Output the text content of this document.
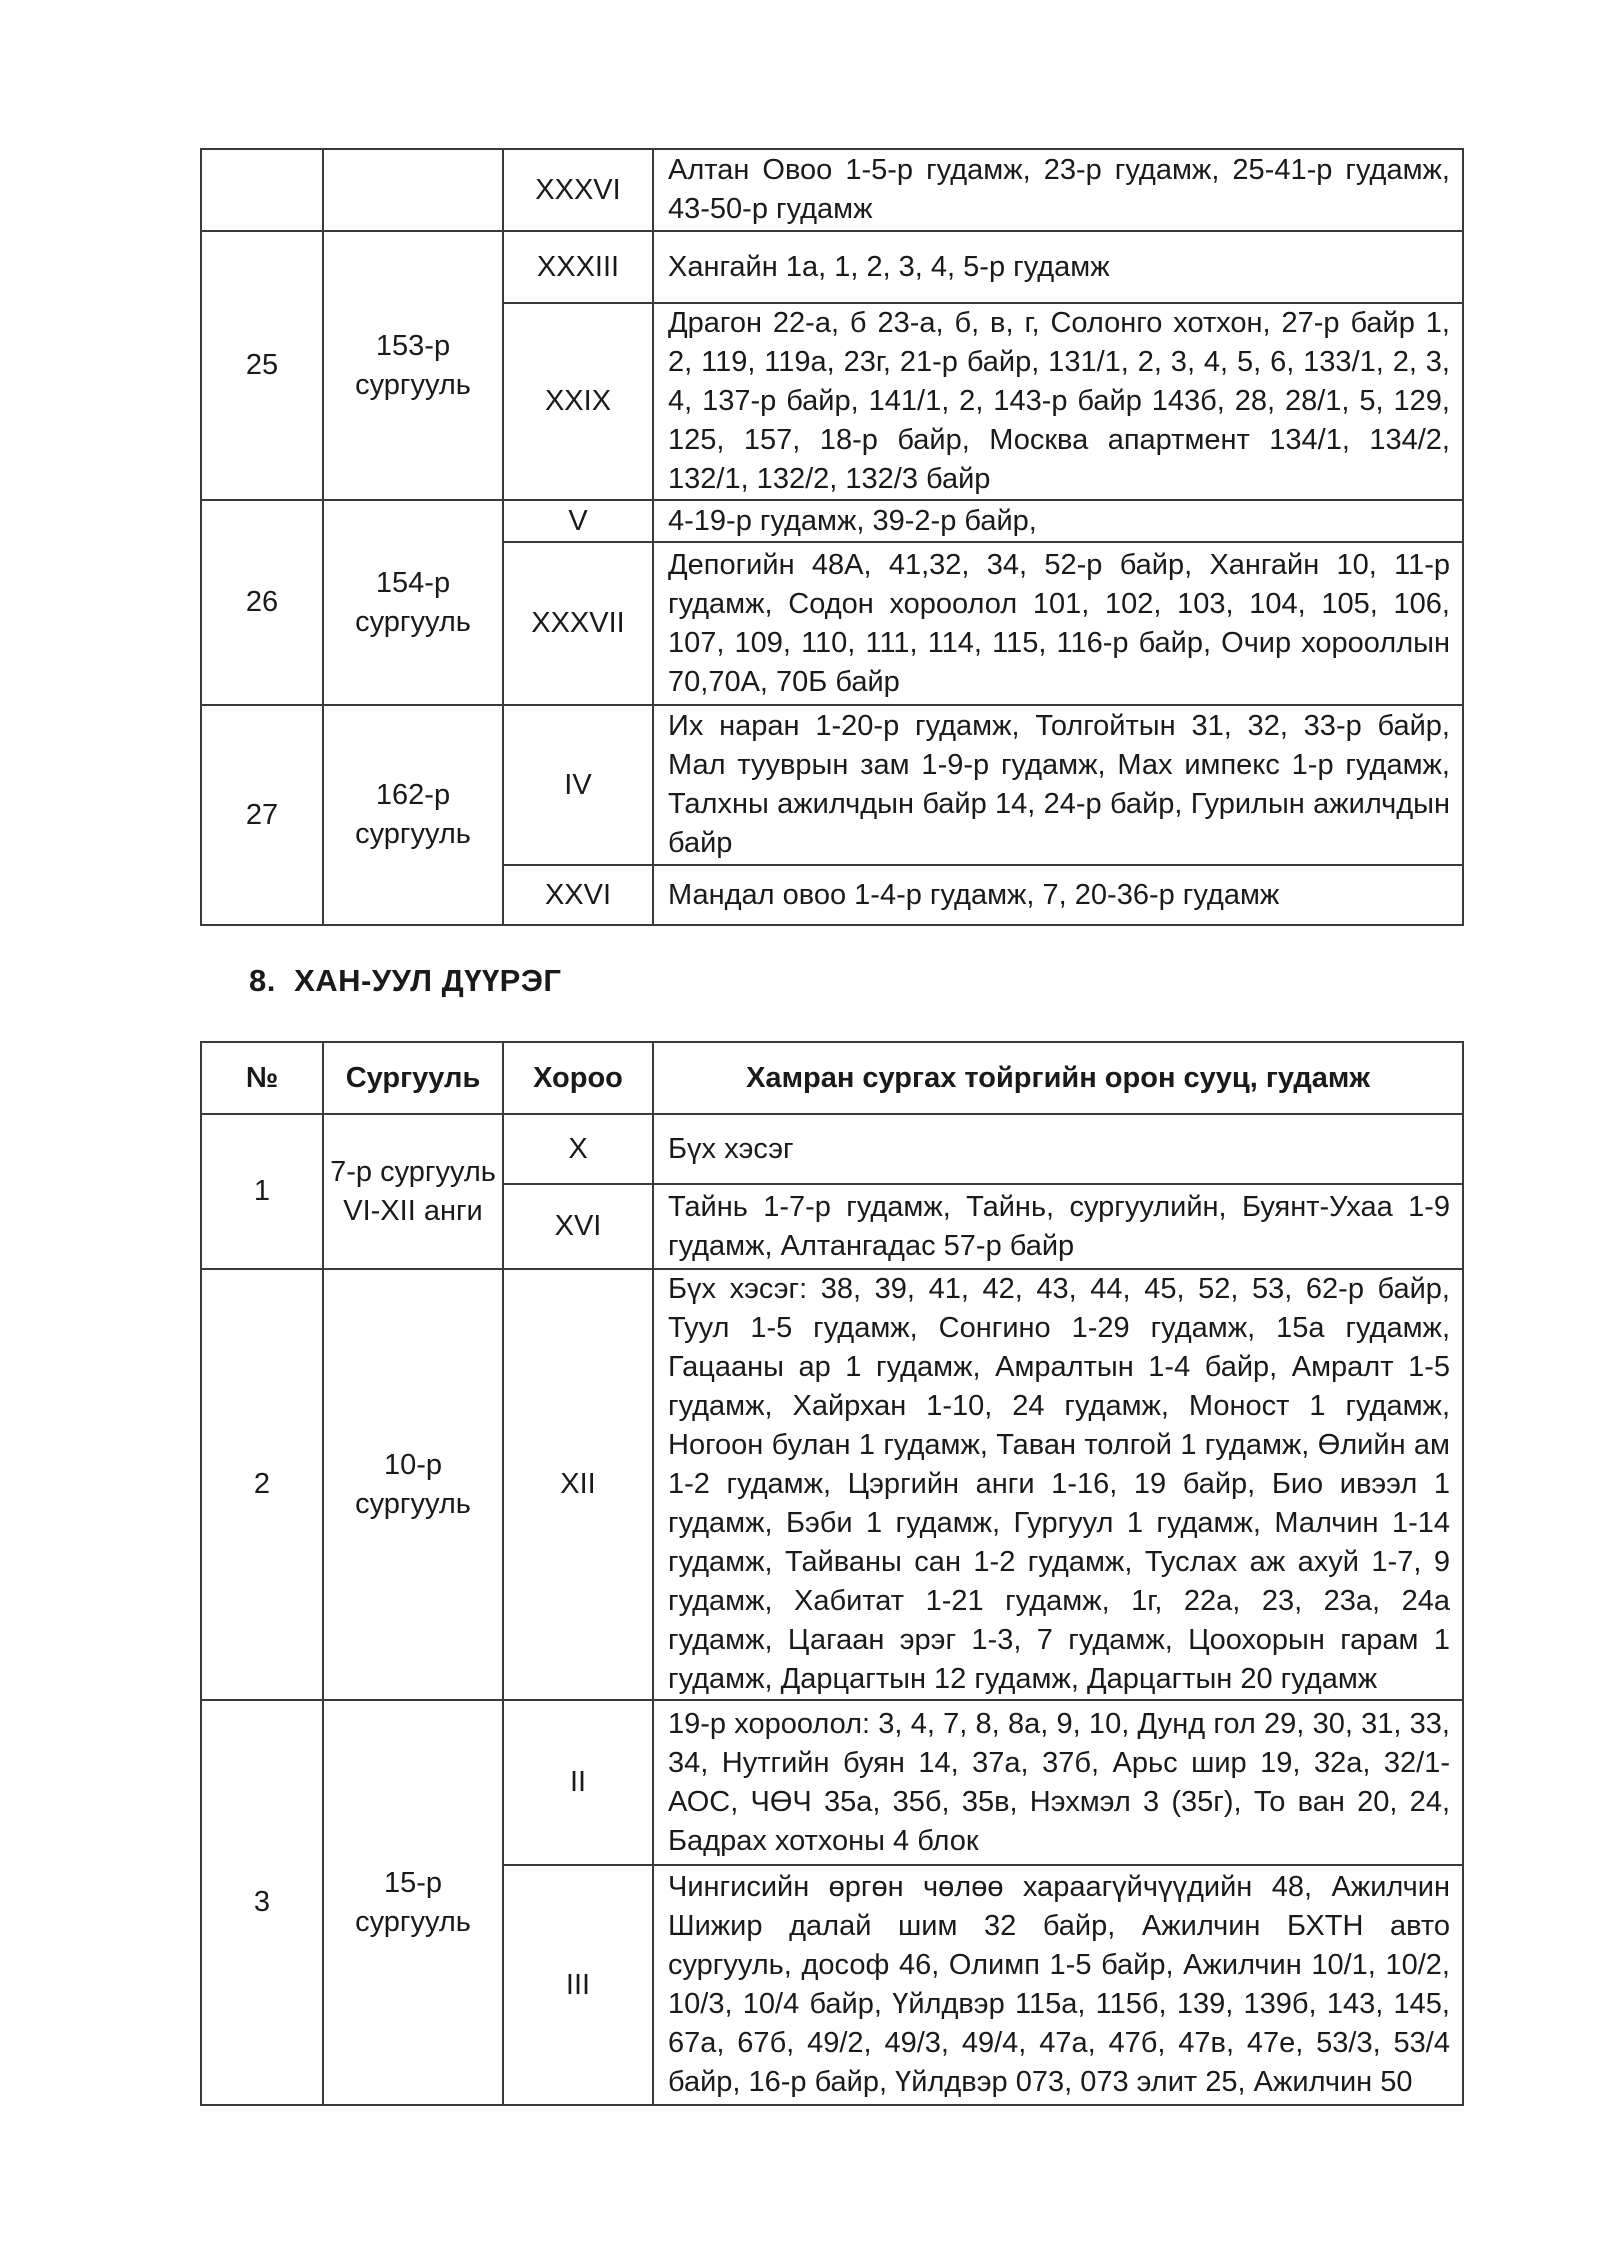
		XXXVI	Алтан Овоо 1-5-р гудамж, 23-р гудамж, 25-41-р гудамж, 43-50-р гудамж
25	153-р сургууль	XXXIII	Хангайн 1а, 1, 2, 3, 4, 5-р гудамж
		XXIX	Драгон 22-а, б 23-а, б, в, г, Солонго хотхон, 27-р байр 1, 2, 119, 119а, 23г, 21-р байр, 131/1, 2, 3, 4, 5, 6, 133/1, 2, 3, 4, 137-р байр, 141/1, 2, 143-р байр 143б, 28, 28/1, 5, 129, 125, 157, 18-р байр, Москва апартмент 134/1, 134/2, 132/1, 132/2, 132/3 байр
26	154-р сургууль	V	4-19-р гудамж, 39-2-р байр,
		XXXVII	Депогийн 48А, 41,32, 34, 52-р байр, Хангайн 10, 11-р гудамж, Содон хороолол 101, 102, 103, 104, 105, 106, 107, 109, 110, 111, 114, 115, 116-р байр, Очир хорооллын 70,70А, 70Б байр
27	162-р сургууль	IV	Их наран 1-20-р гудамж, Толгойтын 31, 32, 33-р байр, Мал тууврын зам 1-9-р гудамж, Мах импекс 1-р гудамж, Талхны ажилчдын байр 14, 24-р байр, Гурилын ажилчдын байр
		XXVI	Мандал овоо 1-4-р гудамж, 7, 20-36-р гудамж
8. ХАН-УУЛ ДҮҮРЭГ
№	Сургууль	Хороо	Хамран сургах тойргийн орон сууц, гудамж
1	7-р сургууль VI-XII анги	X	Бүх хэсэг
		XVI	Тайнь 1-7-р гудамж, Тайнь, сургуулийн, Буянт-Ухаа 1-9 гудамж, Алтангадас 57-р байр
2	10-р сургууль	XII	Бүх хэсэг: 38, 39, 41, 42, 43, 44, 45, 52, 53, 62-р байр, Туул 1-5 гудамж, Сонгино 1-29 гудамж, 15а гудамж, Гацааны ар 1 гудамж, Амралтын 1-4 байр, Амралт 1-5 гудамж, Хайрхан 1-10, 24 гудамж, Моност 1 гудамж, Ногоон булан 1 гудамж, Таван толгой 1 гудамж, Өлийн ам 1-2 гудамж, Цэргийн анги 1-16, 19 байр, Био ивээл 1 гудамж, Бэби 1 гудамж, Гургуул 1 гудамж, Малчин 1-14 гудамж, Тайваны сан 1-2 гудамж, Туслах аж ахуй 1-7, 9 гудамж, Хабитат 1-21 гудамж, 1г, 22а, 23, 23а, 24а гудамж, Цагаан эрэг 1-3, 7 гудамж, Цоохорын гарам 1 гудамж, Дарцагтын 12 гудамж, Дарцагтын 20 гудамж
3	15-р сургууль	II	19-р хороолол: 3, 4, 7, 8, 8а, 9, 10, Дунд гол 29, 30, 31, 33, 34, Нутгийн буян 14, 37а, 37б, Арьс шир 19, 32а, 32/1-АОС, ЧӨЧ 35а, 35б, 35в, Нэхмэл 3 (35г), То ван 20, 24, Бадрах хотхоны 4 блок
		III	Чингисийн өргөн чөлөө хараагүйчүүдийн 48, Ажилчин Шижир далай шим 32 байр, Ажилчин БХТН авто сургууль, дософ 46, Олимп 1-5 байр, Ажилчин 10/1, 10/2, 10/3, 10/4 байр, Үйлдвэр 115а, 115б, 139, 139б, 143, 145, 67а, 67б, 49/2, 49/3, 49/4, 47а, 47б, 47в, 47е, 53/3, 53/4 байр, 16-р байр, Үйлдвэр 073, 073 элит 25, Ажилчин 50
